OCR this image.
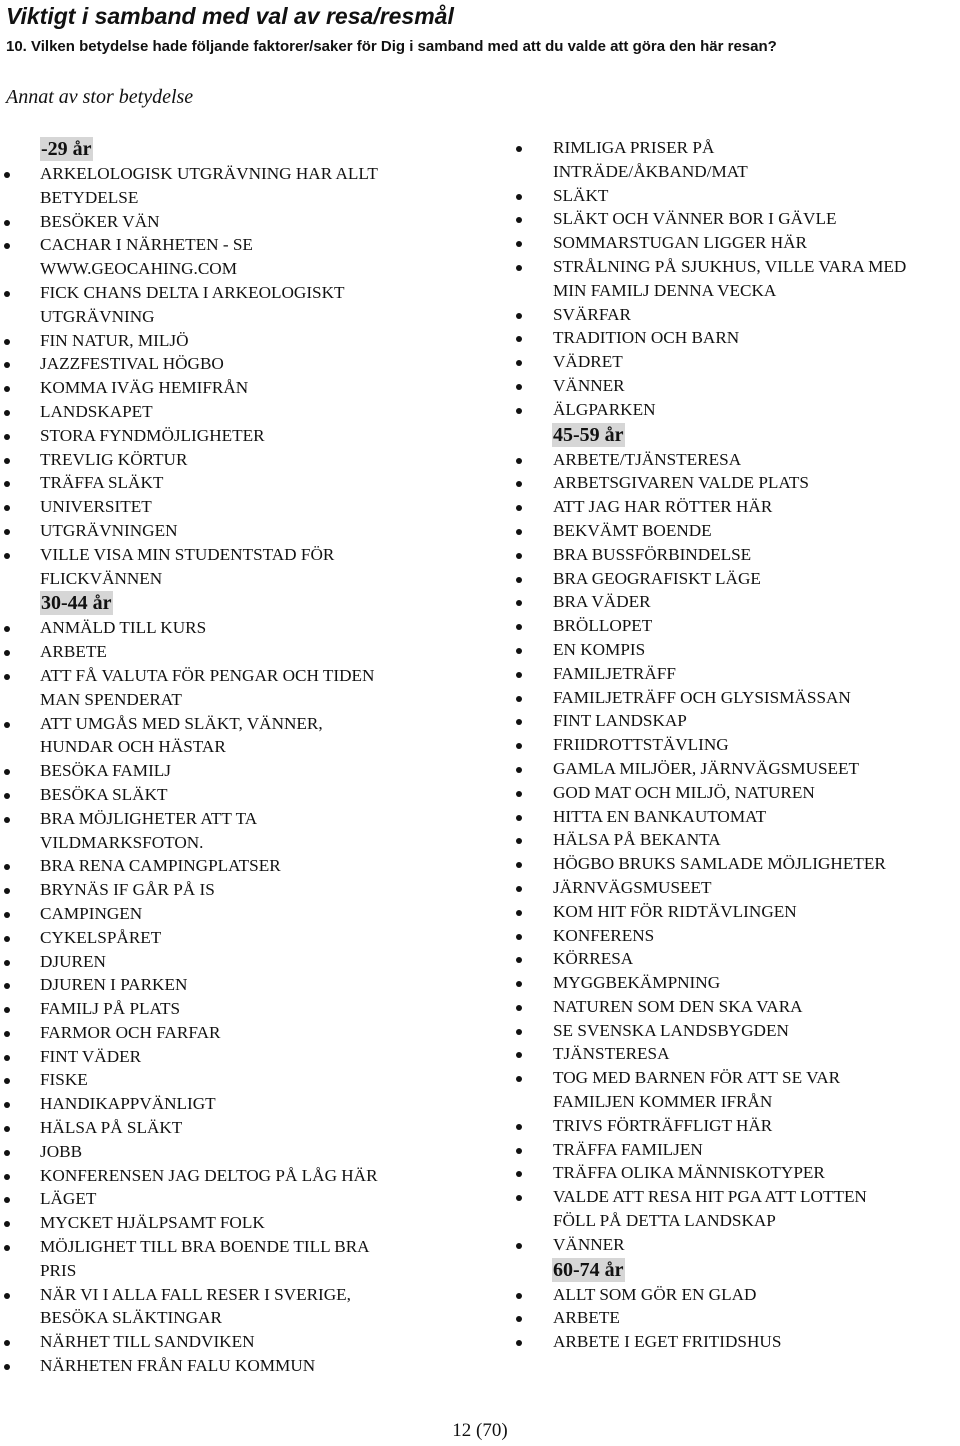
Viktigt i samband med val av resa/resmål

10. Vilken betydelse hade följande faktorer/saker för Dig i samband med att du valde att göra den här resan?

Annat av stor betydelse

-29 år
ARKELOLOGISK UTGRÄVNING HAR ALLT
BETYDELSE
BESÖKER VÄN
CACHAR I NÄRHETEN - SE
WWW.GEOCAHING.COM
FICK CHANS DELTA I ARKEOLOGISKT
UTGRÄVNING
FIN NATUR, MILJÖ
JAZZFESTIVAL HÖGBO
KOMMA IVÄG HEMIFRÅN
LANDSKAPET
STORA FYNDMÖJLIGHETER
TREVLIG KÖRTUR
TRÄFFA SLÄKT
UNIVERSITET
UTGRÄVNINGEN
VILLE VISA MIN STUDENTSTAD FÖR
FLICKVÄNNEN
30-44 år
ANMÄLD TILL KURS
ARBETE
ATT FÅ VALUTA FÖR PENGAR OCH TIDEN
MAN SPENDERAT
ATT UMGÅS MED SLÄKT, VÄNNER,
HUNDAR OCH HÄSTAR
BESÖKA FAMILJ
BESÖKA SLÄKT
BRA MÖJLIGHETER ATT TA
VILDMARKSFOTON.
BRA RENA CAMPINGPLATSER
BRYNÄS IF GÅR PÅ IS
CAMPINGEN
CYKELSPÅRET
DJUREN
DJUREN I PARKEN
FAMILJ PÅ PLATS
FARMOR OCH FARFAR
FINT VÄDER
FISKE
HANDIKAPPVÄNLIGT
HÄLSA PÅ SLÄKT
JOBB
KONFERENSEN JAG DELTOG PÅ LÅG HÄR
LÄGET
MYCKET HJÄLPSAMT FOLK
MÖJLIGHET TILL BRA BOENDE TILL BRA
PRIS
NÄR VI I ALLA FALL RESER I SVERIGE,
BESÖKA SLÄKTINGAR
NÄRHET TILL SANDVIKEN
NÄRHETEN FRÅN FALU KOMMUN
RIMLIGA PRISER PÅ
INTRÄDE/ÅKBAND/MAT
SLÄKT
SLÄKT OCH VÄNNER BOR I GÄVLE
SOMMARSTUGAN LIGGER HÄR
STRÅLNING PÅ SJUKHUS, VILLE VARA MED
MIN FAMILJ DENNA VECKA
SVÄRFAR
TRADITION OCH BARN
VÄDRET
VÄNNER
ÄLGPARKEN
45-59 år
ARBETE/TJÄNSTERESA
ARBETSGIVAREN VALDE PLATS
ATT JAG HAR RÖTTER HÄR
BEKVÄMT BOENDE
BRA BUSSFÖRBINDELSE
BRA GEOGRAFISKT LÄGE
BRA VÄDER
BRÖLLOPET
EN KOMPIS
FAMILJETRÄFF
FAMILJETRÄFF OCH GLYSISMÄSSAN
FINT LANDSKAP
FRIIDROTTSTÄVLING
GAMLA MILJÖER, JÄRNVÄGSMUSEET
GOD MAT OCH MILJÖ, NATUREN
HITTA EN BANKAUTOMAT
HÄLSA PÅ BEKANTA
HÖGBO BRUKS SAMLADE MÖJLIGHETER
JÄRNVÄGSMUSEET
KOM HIT FÖR RIDTÄVLINGEN
KONFERENS
KÖRRESA
MYGGBEKÄMPNING
NATUREN SOM DEN SKA VARA
SE SVENSKA LANDSBYGDEN
TJÄNSTERESA
TOG MED BARNEN FÖR ATT SE VAR
FAMILJEN KOMMER IFRÅN
TRIVS FÖRTRÄFFLIGT HÄR
TRÄFFA FAMILJEN
TRÄFFA OLIKA MÄNNISKOTYPER
VALDE ATT RESA HIT PGA ATT LOTTEN
FÖLL PÅ DETTA LANDSKAP
VÄNNER
60-74 år
ALLT SOM GÖR EN GLAD
ARBETE
ARBETE I EGET FRITIDSHUS
12 (70)
